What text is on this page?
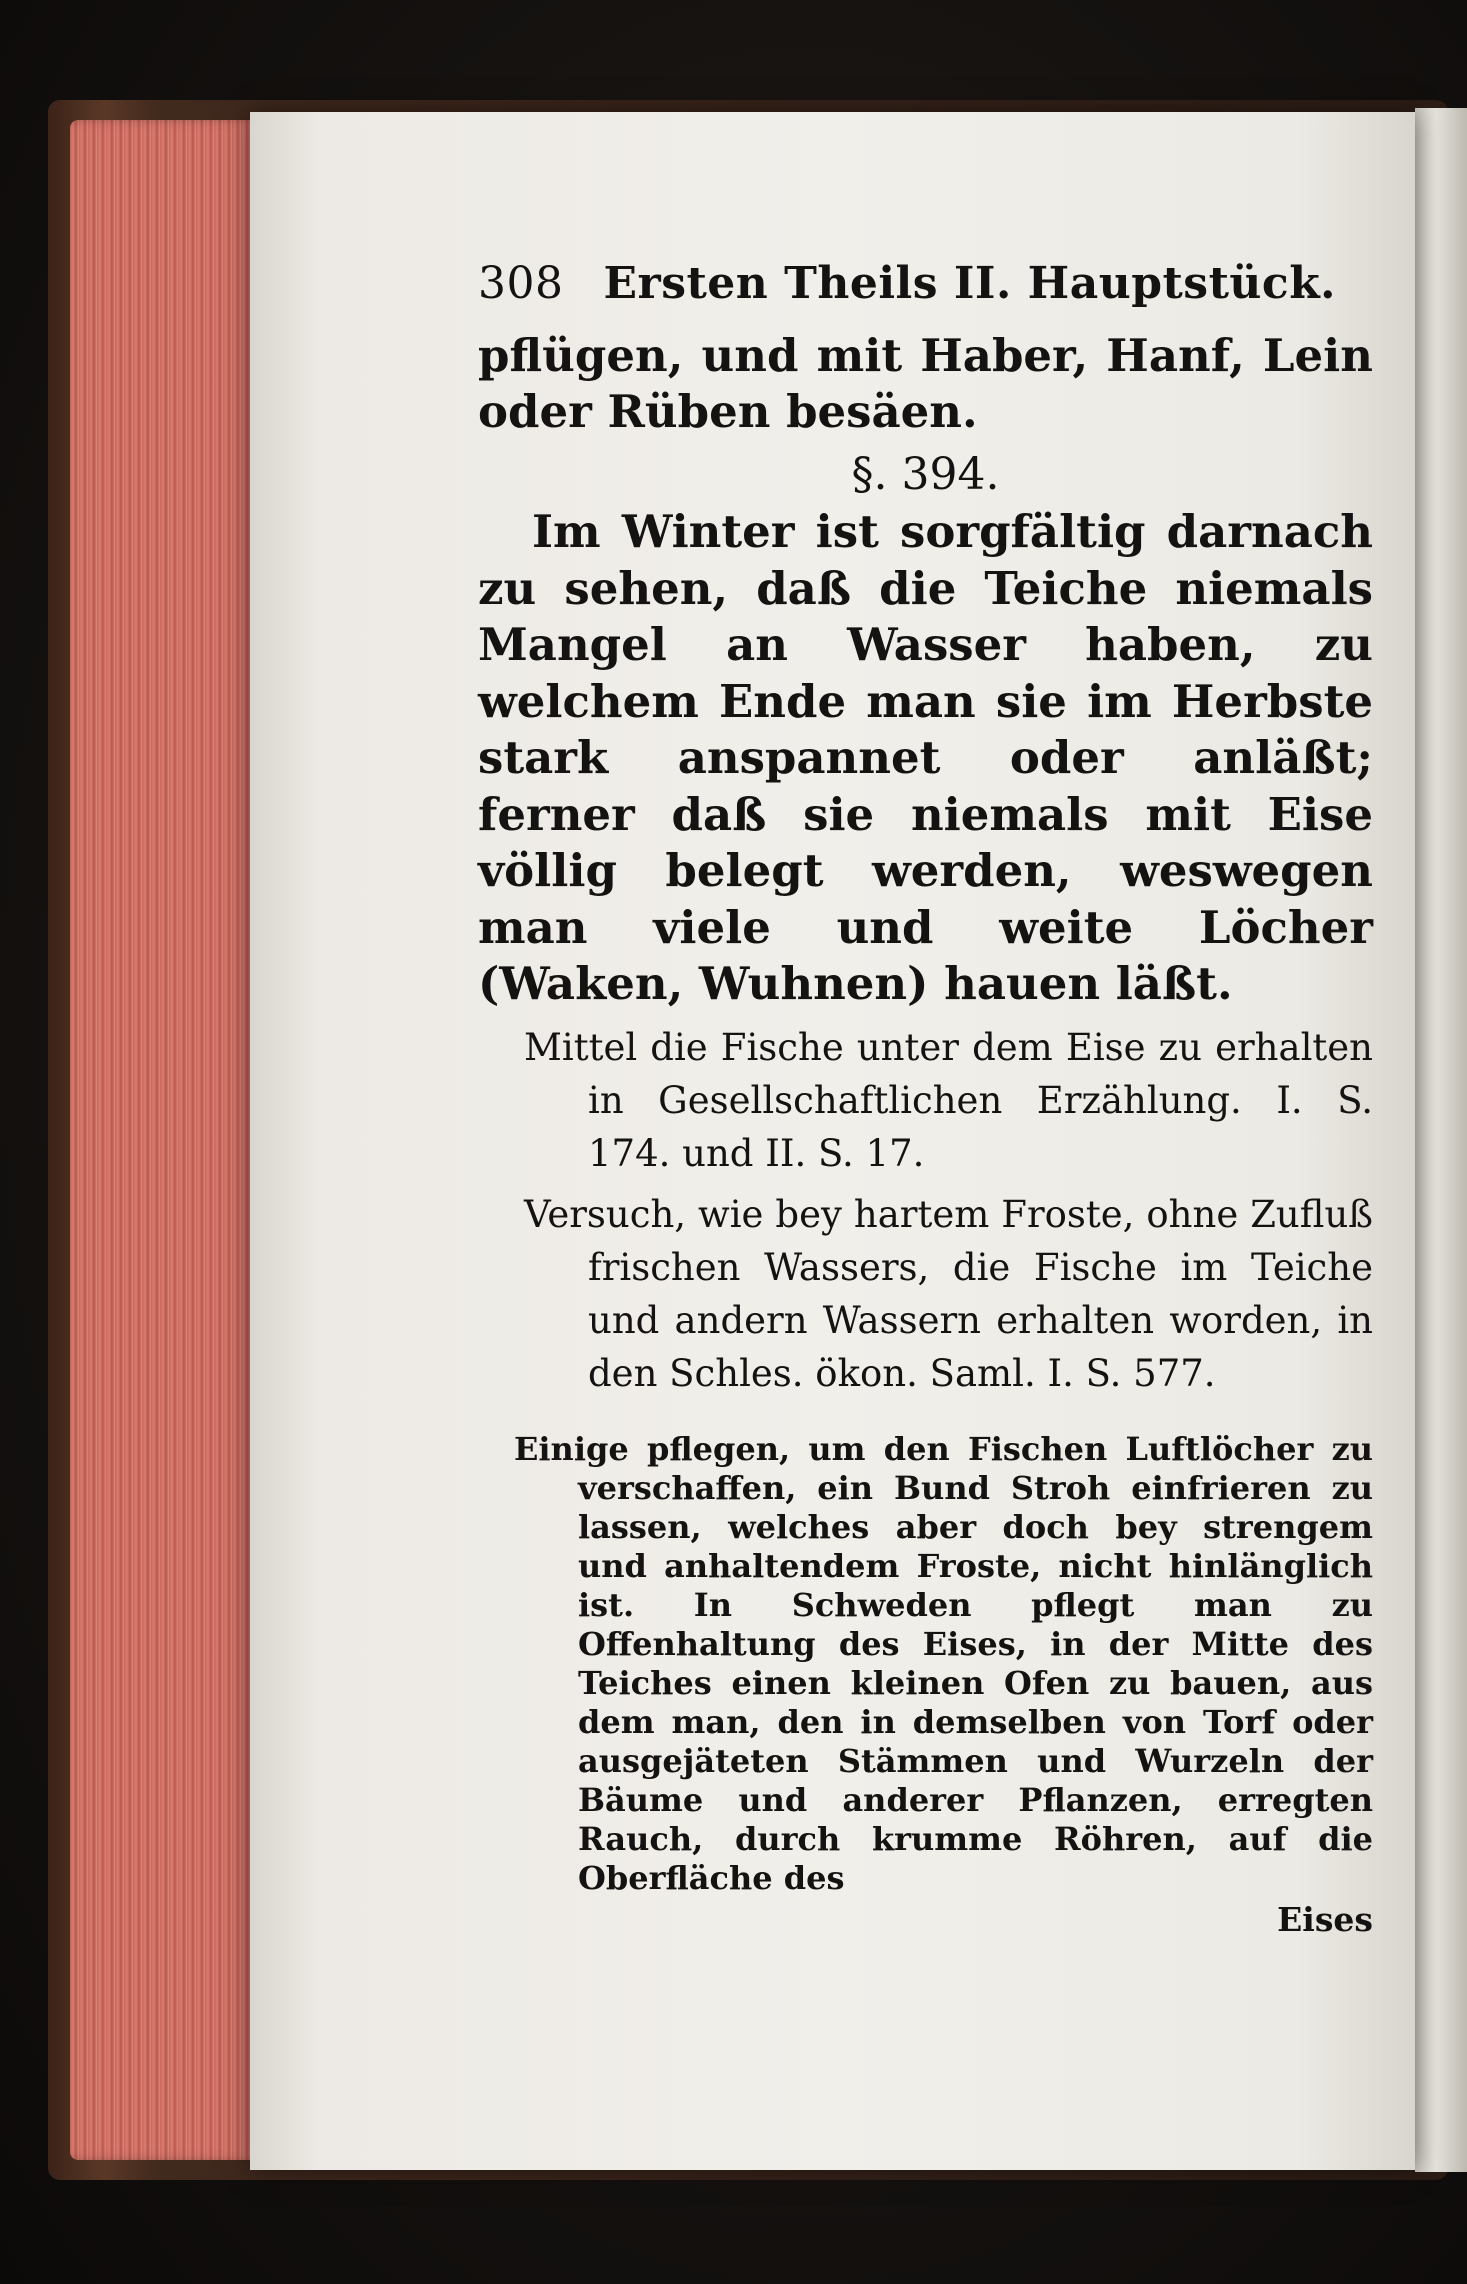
308 Ersten Theils II. Hauptstück.

pflügen, und mit Haber, Hanf, Lein oder Rüben besäen.

§. 394.

Im Winter ist sorgfältig darnach zu sehen, daß die Teiche niemals Mangel an Wasser haben, zu welchem Ende man sie im Herbste stark anspannet oder anläßt; ferner daß sie niemals mit Eise völlig belegt werden, weswegen man viele und weite Löcher (Waken, Wuhnen) hauen läßt.

Mittel die Fische unter dem Eise zu erhalten in Gesellschaftlichen Erzählung. I. S. 174. und II. S. 17.

Versuch, wie bey hartem Froste, ohne Zufluß frischen Wassers, die Fische im Teiche und andern Wassern erhalten worden, in den Schles. ökon. Saml. I. S. 577.

Einige pflegen, um den Fischen Luftlöcher zu verschaffen, ein Bund Stroh einfrieren zu lassen, welches aber doch bey strengem und anhaltendem Froste, nicht hinlänglich ist. In Schweden pflegt man zu Offenhaltung des Eises, in der Mitte des Teiches einen kleinen Ofen zu bauen, aus dem man, den in demselben von Torf oder ausgejäteten Stämmen und Wurzeln der Bäume und anderer Pflanzen, erregten Rauch, durch krumme Röhren, auf die Oberfläche des

Eises
